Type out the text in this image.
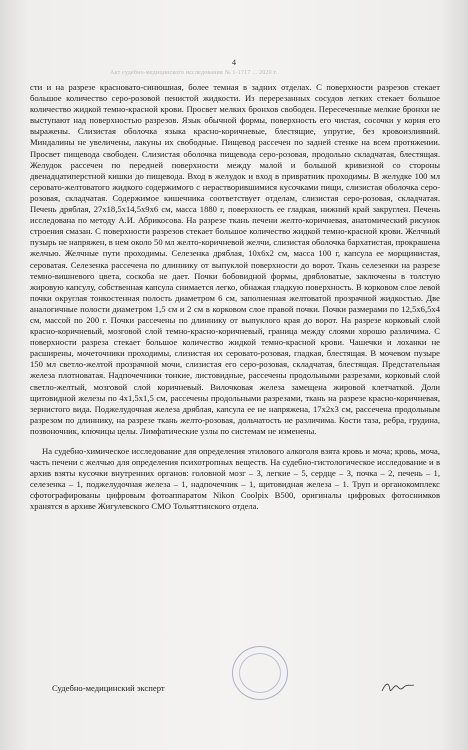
4
Акт судебно-медицинского исследования № 1-1717 ... 2020 г.

сти и на разрезе красновато-синюшная, более темная в задних отделах. С поверхности разрезов стекает большое количество серо-розовой пенистой жидкости. Из перерезанных сосудов легких стекает большое количество жидкой темно-красной крови. Просвет мелких бронхов свободен. Пересеченные мелкие бронхи не выступают над поверхностью разрезов. Язык обычной формы, поверхность его чистая, сосочки у корня его выражены. Слизистая оболочка языка красно-коричневые, блестящие, упругие, без кровоизлияний. Миндалины не увеличены, лакуны их свободные. Пищевод рассечен по задней стенке на всем протяжении. Просвет пищевода свободен. Слизистая оболочка пищевода серо-розовая, продольно складчатая, блестящая. Желудок рассечен по передней поверхности между малой и большой кривизной со стороны двенадцатиперстной кишки до пищевода. Вход в желудок и вход в привратник проходимы. В желудке 100 мл серовато-желтоватого жидкого содержимого с нерастворившимися кусочками пищи, слизистая оболочка серо-розовая, складчатая. Содержимое кишечника соответствует отделам, слизистая серо-розовая, складчатая. Печень дряблая, 27х18,5х14,5х9х6 см, масса 1880 г, поверхность ее гладкая, нижний край закруглен. Печень исследована по методу А.И. Абрикосова. На разрезе ткань печени желто-коричневая, анатомический рисунок строения смазан. С поверхности разрезов стекает большое количество жидкой темно-красной крови. Желчный пузырь не напряжен, в нем около 50 мл желто-коричневой желчи, слизистая оболочка бархатистая, прокрашена желчью. Желчные пути проходимы. Селезенка дряблая, 10х6х2 см, масса 100 г, капсула ее морщинистая, сероватая. Селезенка рассечена по длиннику от выпуклой поверхности до ворот. Ткань селезенки на разрезе темно-вишневого цвета, соскоба не дает. Почки бобовидной формы, дрябловатые, заключены в толстую жировую капсулу, собственная капсула снимается легко, обнажая гладкую поверхность. В корковом слое левой почки округлая тонкостенная полость диаметром 6 см, заполненная желтоватой прозрачной жидкостью. Две аналогичные полости диаметром 1,5 см и 2 см в корковом слое правой почки. Почки размерами по 12,5х6,5х4 см, массой по 200 г. Почки рассечены по длиннику от выпуклого края до ворот. На разрезе корковый слой красно-коричневый, мозговой слой темно-красно-коричневый, граница между слоями хорошо различима. С поверхности разреза стекает большое количество жидкой темно-красной крови. Чашечки и лоханки не расширены, мочеточники проходимы, слизистая их серовато-розовая, гладкая, блестящая. В мочевом пузыре 150 мл светло-желтой прозрачной мочи, слизистая его серо-розовая, складчатая, блестящая. Предстательная железа плотноватая. Надпочечники тонкие, листовидные, рассечены продольными разрезами, корковый слой светло-желтый, мозговой слой коричневый. Вилочковая железа замещена жировой клетчаткой. Доли щитовидной железы по 4х1,5х1,5 см, рассечены продольными разрезами, ткань на разрезе красно-коричневая, зернистого вида. Поджелудочная железа дряблая, капсула ее не напряжена, 17х2х3 см, рассечена продольным разрезом по длиннику, на разрезе ткань желто-розовая, дольчатость не различима. Кости таза, ребра, грудина, позвоночник, ключицы целы. Лимфатические узлы по системам не изменены.

На судебно-химическое исследование для определения этилового алкоголя взята кровь и моча; кровь, моча, часть печени с желчью для определения психотропных веществ. На судебно-гистологическое исследование и в архив взяты кусочки внутренних органов: головной мозг – 3, легкие – 5, сердце – 3, почка – 2, печень – 1, селезенка – 1, поджелудочная железа – 1, надпочечник – 1, щитовидная железа – 1. Труп и органокомплекс сфотографированы цифровым фотоаппаратом Nikon Coolpix B500, оригиналы цифровых фотоснимков хранятся в архиве Жигулевского СМО Тольяттинского отдела.

Судебно-медицинский эксперт
